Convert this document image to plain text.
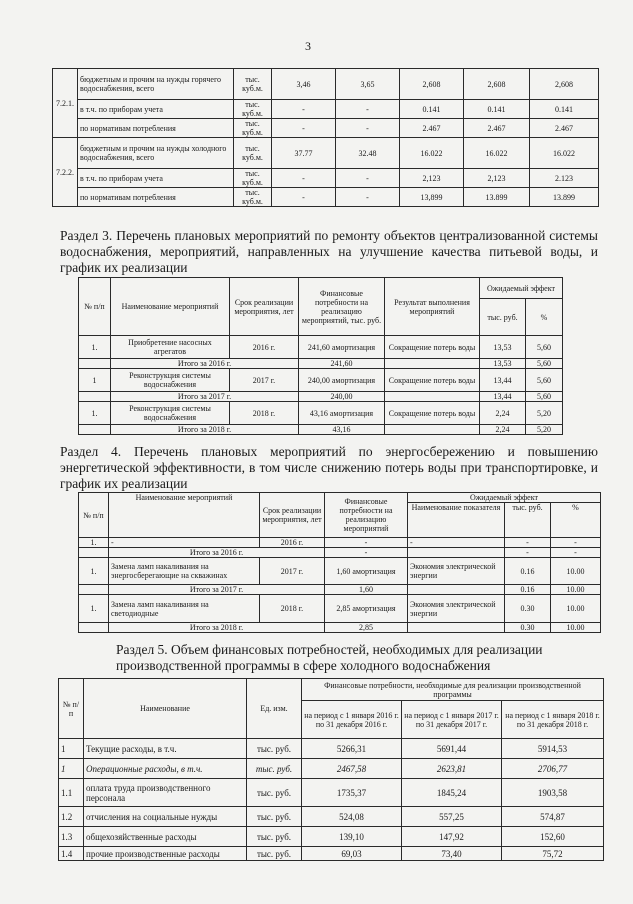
3
7.2.1.	бюджетным и прочим на нужды горячего водоснабжения, всего	тыс. куб.м.	3,46	3,65	2,608	2,608	2,608
	в т.ч. по приборам учета	тыс. куб.м.	-	-	0.141	0.141	0.141
	по нормативам потребления	тыс. куб.м.	-	-	2.467	2.467	2.467
7.2.2.	бюджетным и прочим на нужды холодного водоснабжения, всего	тыс. куб.м.	37.77	32.48	16.022	16.022	16.022
	в т.ч. по приборам учета	тыс. куб.м.	-	-	2,123	2,123	2.123
	по нормативам потребления	тыс. куб.м.	-	-	13,899	13.899	13.899

Раздел 3. Перечень плановых мероприятий по ремонту объектов централизованной системы водоснабжения, мероприятий, направленных на улучшение качества питьевой воды, и график их реализации

№ п/п	Наименование мероприятий	Срок реализации мероприятия, лет	Финансовые потребности на реализацию мероприятий, тыс. руб.	Результат выполнения мероприятий	Ожидаемый эффект	
					тыс. руб.	%
1.	Приобретение насосных агрегатов	2016 г.	241,60 амортизация	Сокращение потерь воды	13,53	5,60
	Итого за 2016 г.		241,60		13,53	5,60
1	Реконструкция системы водоснабжения	2017 г.	240,00 амортизация	Сокращение потерь воды	13,44	5,60
	Итого за 2017 г.		240,00		13,44	5,60
1.	Реконструкция системы водоснабжения	2018 г.	43,16 амортизация	Сокращение потерь воды	2,24	5,20
	Итого за 2018 г.		43,16		2,24	5,20

Раздел 4. Перечень плановых мероприятий по энергосбережению и повышению энергетической эффективности, в том числе снижению потерь воды при транспортировке, и график их реализации

№ п/п	Наименование мероприятий	Срок реализации мероприятия, лет	Финансовые потребности на реализацию мероприятий	Ожидаемый эффект		
				Наименование показателя	тыс. руб.	%
1.	-	2016 г.	-	-	-	-
	Итого за 2016 г.		-		-	-
1.	Замена ламп накаливания на энергосберегающие на скважинах	2017 г.	1,60 амортизация	Экономия электрической энергии	0.16	10.00
	Итого за 2017 г.		1,60		0.16	10.00
1.	Замена ламп накаливания на светодиодные	2018 г.	2,85 амортизация	Экономия электрической энергии	0.30	10.00
	Итого за 2018 г.		2,85		0.30	10.00

Раздел 5. Объем финансовых потребностей, необходимых для реализации производственной программы в сфере холодного водоснабжения

№ п/п	Наименование	Ед. изм.	Финансовые потребности, необходимые для реализации производственной программы		
			на период с 1 января 2016 г. по 31 декабря 2016 г.	на период с 1 января 2017 г. по 31 декабря 2017 г.	на период с 1 января 2018 г. по 31 декабря 2018 г.
1	Текущие расходы, в т.ч.	тыс. руб.	5266,31	5691,44	5914,53
1	Операционные расходы, в т.ч.	тыс. руб.	2467,58	2623,81	2706,77
1.1	оплата труда производственного персонала	тыс. руб.	1735,37	1845,24	1903,58
1.2	отчисления на социальные нужды	тыс. руб.	524,08	557,25	574,87
1.3	общехозяйственные расходы	тыс. руб.	139,10	147,92	152,60
1.4	прочие производственные расходы	тыс. руб.	69,03	73,40	75,72
